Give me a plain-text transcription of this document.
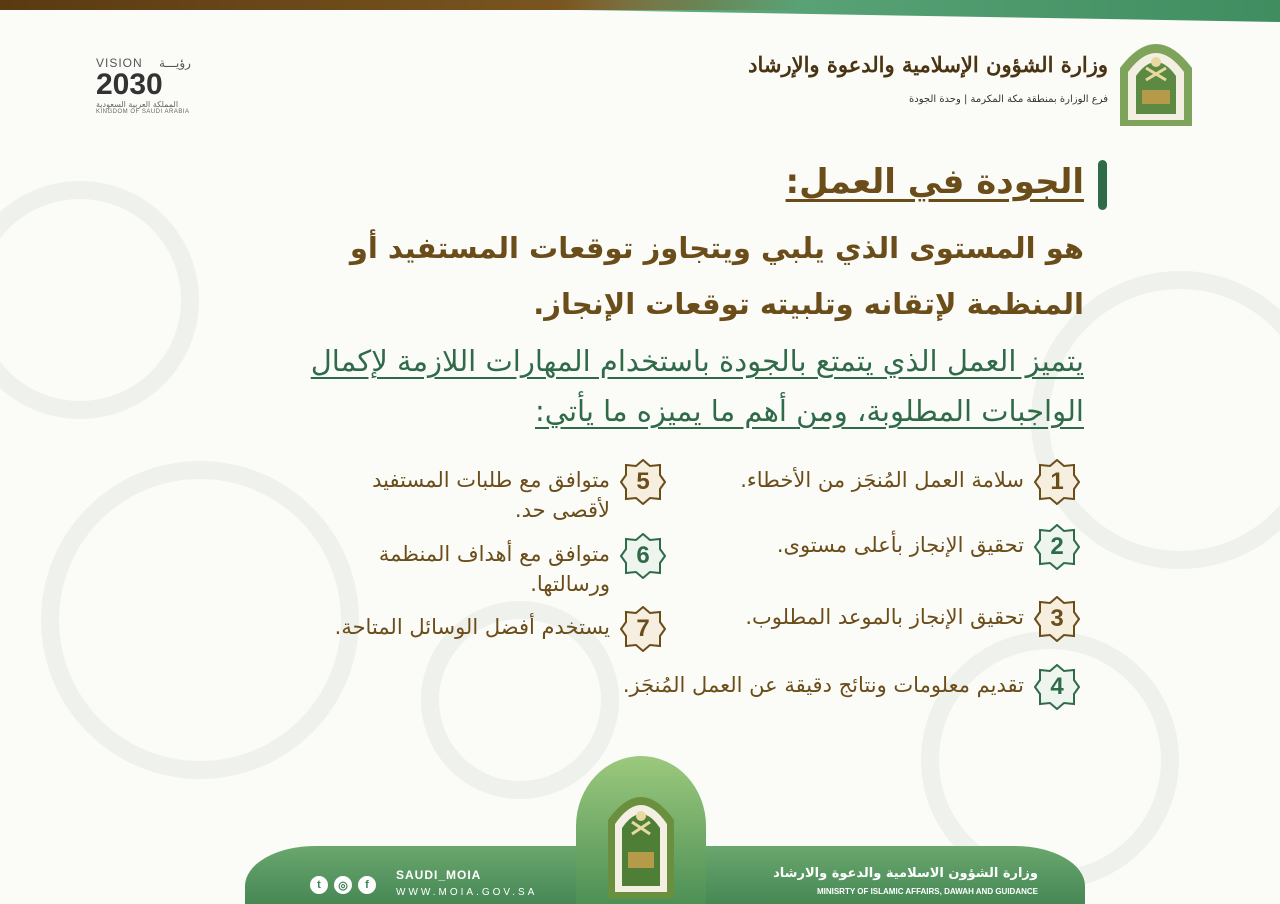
VISION رؤيـــة
2030
المملكة العربية السعودية
KINGDOM OF SAUDI ARABIA
وزارة الشؤون الإسلامية والدعوة والإرشاد
فرع الوزارة بمنطقة مكة المكرمة | وحدة الجودة
الجودة في العمل:
هو المستوى الذي يلبي ويتجاوز توقعات المستفيد أو المنظمة لإتقانه وتلبيته توقعات الإنجاز.
يتميز العمل الذي يتمتع بالجودة باستخدام المهارات اللازمة لإكمال الواجبات المطلوبة، ومن أهم ما يميزه ما يأتي:
1
سلامة العمل المُنجَز من الأخطاء.
2
تحقيق الإنجاز بأعلى مستوى.
3
تحقيق الإنجاز بالموعد المطلوب.
4
تقديم معلومات ونتائج دقيقة عن العمل المُنجَز.
5
متوافق مع طلبات المستفيد لأقصى حد.
6
متوافق مع أهداف المنظمة ورسالتها.
7
يستخدم أفضل الوسائل المتاحة.
t	◎	f
SAUDI_MOIA
WWW.MOIA.GOV.SA
وزارة الشؤون الاسلامية والدعوة والارشاد
MINISRTY OF ISLAMIC AFFAIRS, DAWAH AND GUIDANCE
